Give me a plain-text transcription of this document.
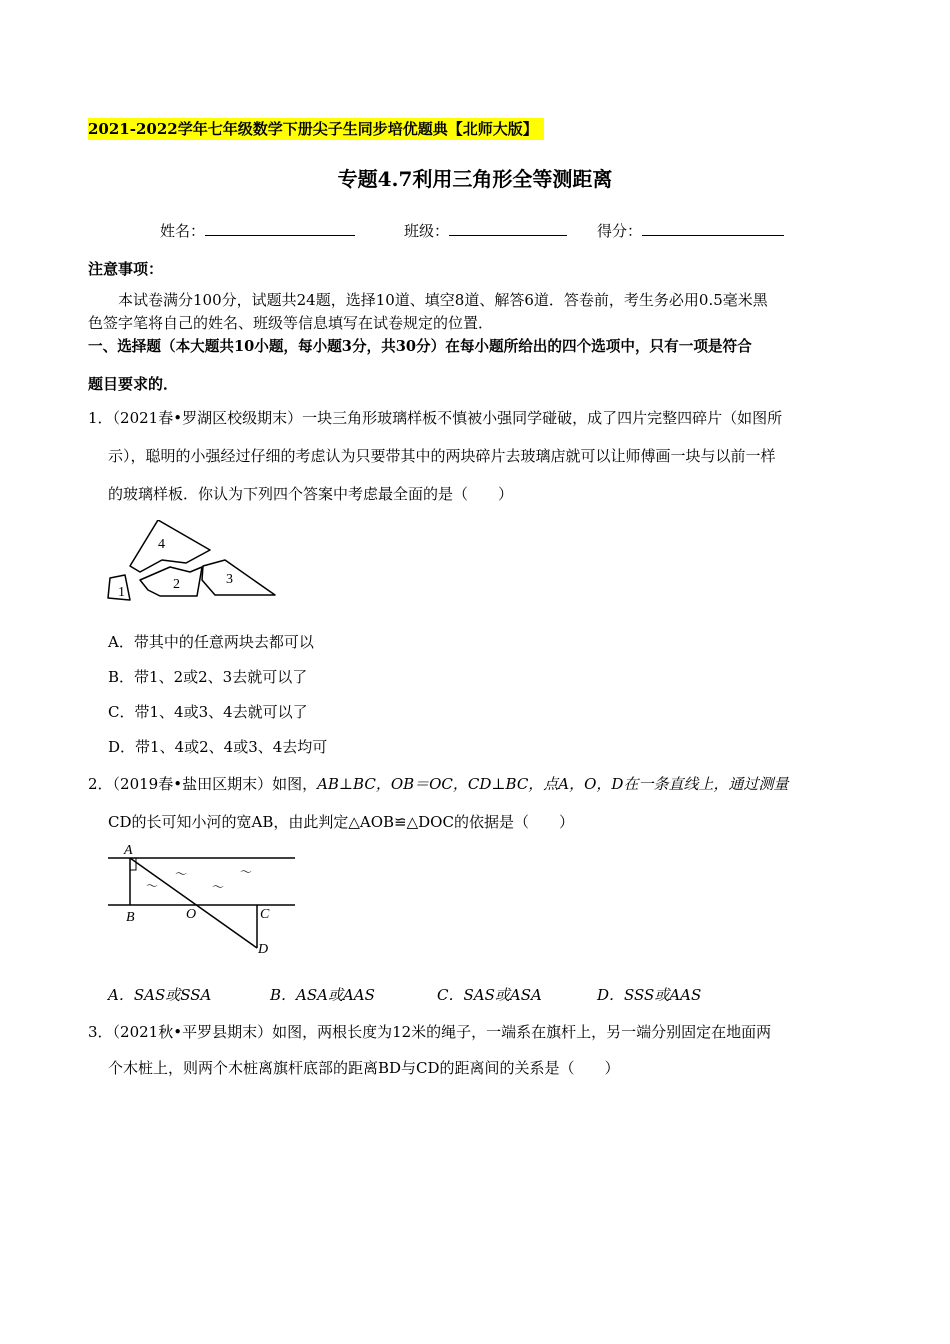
2021-2022学年七年级数学下册尖子生同步培优题典【北师大版】
专题4.7利用三角形全等测距离
姓名：	班级：	得分：
注意事项：
本试卷满分100分，试题共24题，选择10道、填空8道、解答6道．答卷前，考生务必用0.5毫米黑
色签字笔将自己的姓名、班级等信息填写在试卷规定的位置．
一、选择题（本大题共10小题，每小题3分，共30分）在每小题所给出的四个选项中，只有一项是符合
题目要求的．
1．（2021春•罗湖区校级期末）一块三角形玻璃样板不慎被小强同学碰破，成了四片完整四碎片（如图所
示），聪明的小强经过仔细的考虑认为只要带其中的两块碎片去玻璃店就可以让师傅画一块与以前一样
的玻璃样板．你认为下列四个答案中考虑最全面的是（　　）
1
2	3
4
A．带其中的任意两块去都可以
B．带1、2或2、3去就可以了
C．带1、4或3、4去就可以了
D．带1、4或2、4或3、4去均可
2．（2019春•盐田区期末）如图，AB⊥BC，OB＝OC，CD⊥BC，点A，O，D在一条直线上，通过测量
CD的长可知小河的宽AB，由此判定△AOB≌△DOC的依据是（　　）
A
B	O	C
D
～	～
～	～
A．SAS或SSA	B．ASA或AAS	C．SAS或ASA	D．SSS或AAS
3．（2021秋•平罗县期末）如图，两根长度为12米的绳子，一端系在旗杆上，另一端分别固定在地面两
个木桩上，则两个木桩离旗杆底部的距离BD与CD的距离间的关系是（　　）
